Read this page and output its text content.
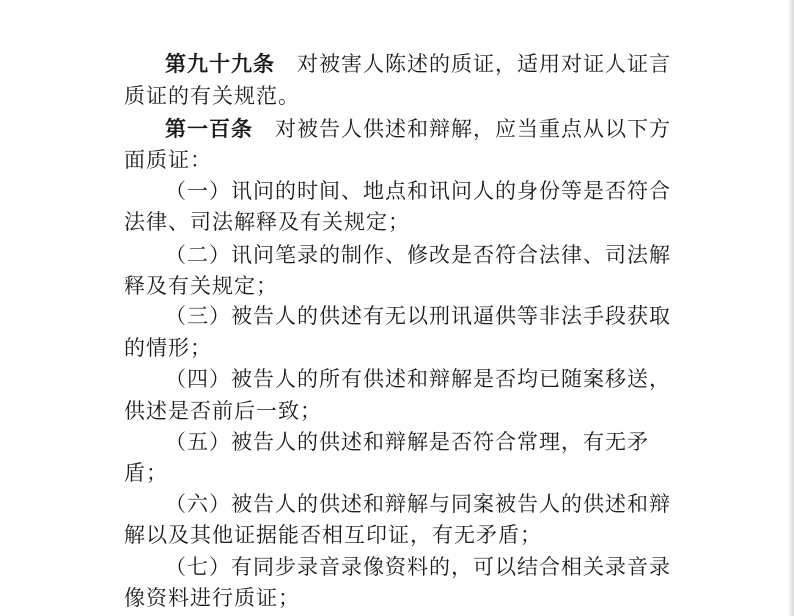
第九十九条 对被害人陈述的质证，适用对证人证言
质证的有关规范。
第一百条 对被告人供述和辩解，应当重点从以下方
面质证：
（一）讯问的时间、地点和讯问人的身份等是否符合
法律、司法解释及有关规定；
（二）讯问笔录的制作、修改是否符合法律、司法解
释及有关规定；
（三）被告人的供述有无以刑讯逼供等非法手段获取
的情形；
（四）被告人的所有供述和辩解是否均已随案移送，
供述是否前后一致；
（五）被告人的供述和辩解是否符合常理，有无矛
盾；
（六）被告人的供述和辩解与同案被告人的供述和辩
解以及其他证据能否相互印证，有无矛盾；
（七）有同步录音录像资料的，可以结合相关录音录
像资料进行质证；
